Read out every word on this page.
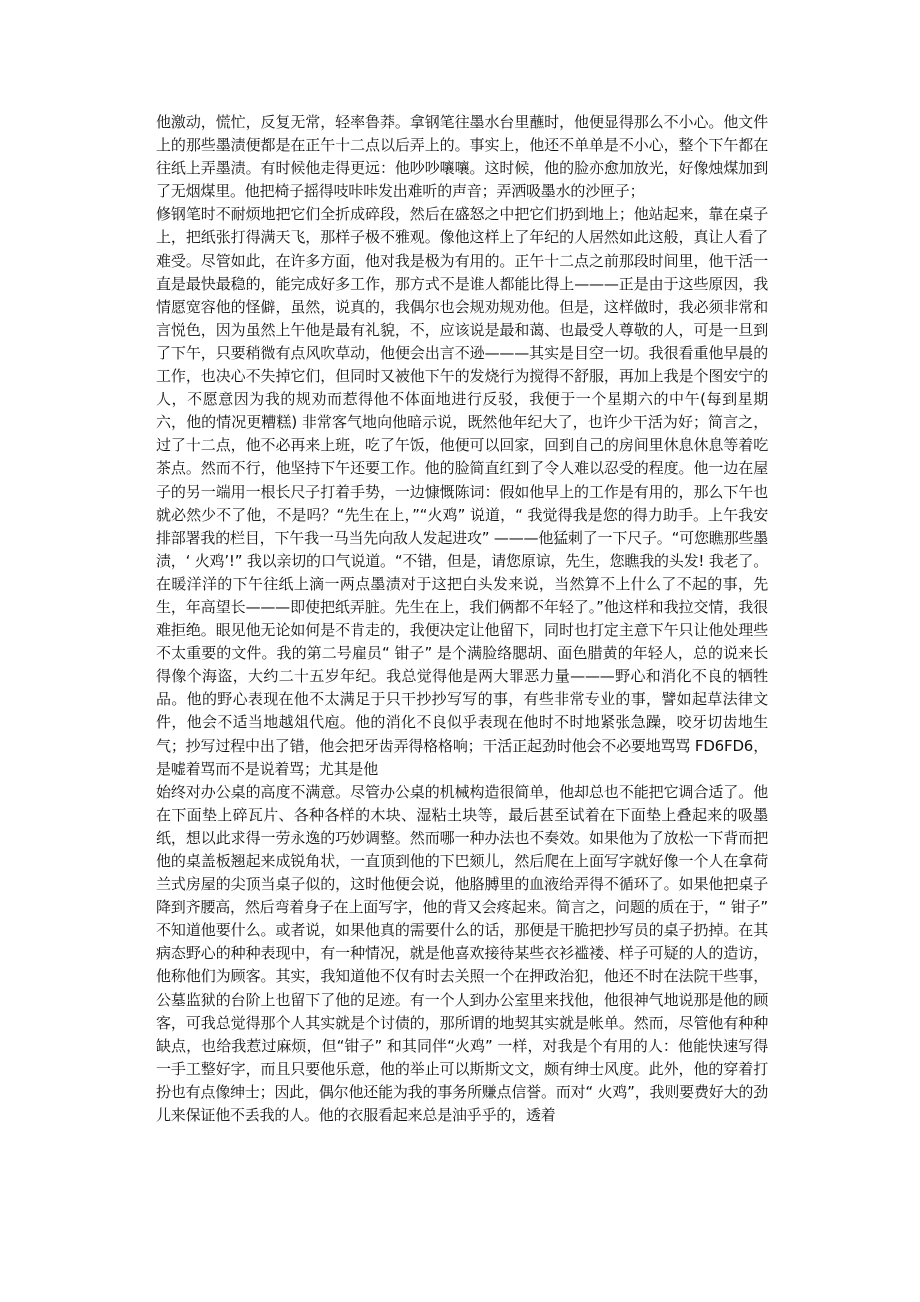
他激动，慌忙，反复无常，轻率鲁莽。拿钢笔往墨水台里蘸时，他便显得那么不小心。他文件上的那些墨渍便都是在正午十二点以后弄上的。事实上，他还不单单是不小心，整个下午都在往纸上弄墨渍。有时候他走得更远：他吵吵嚷嚷。这时候，他的脸亦愈加放光，好像烛煤加到了无烟煤里。他把椅子摇得吱咔咔发出难听的声音；弄洒吸墨水的沙匣子；

修钢笔时不耐烦地把它们全折成碎段，然后在盛怒之中把它们扔到地上；他站起来，靠在桌子上，把纸张打得满天飞，那样子极不雅观。像他这样上了年纪的人居然如此这般，真让人看了难受。尽管如此，在许多方面，他对我是极为有用的。正午十二点之前那段时间里，他干活一直是最快最稳的，能完成好多工作，那方式不是谁人都能比得上———正是由于这些原因，我情愿宽容他的怪僻，虽然，说真的，我偶尔也会规劝规劝他。但是，这样做时，我必须非常和言悦色，因为虽然上午他是最有礼貌，不，应该说是最和蔼、也最受人尊敬的人，可是一旦到了下午，只要稍微有点风吹草动，他便会出言不逊———其实是目空一切。我很看重他早晨的工作，也决心不失掉它们，但同时又被他下午的发烧行为搅得不舒服，再加上我是个图安宁的人，不愿意因为我的规劝而惹得他不体面地进行反驳，我便于一个星期六的中午(每到星期六，他的情况更糟糕) 非常客气地向他暗示说，既然他年纪大了，也许少干活为好；简言之，过了十二点，他不必再来上班，吃了午饭，他便可以回家，回到自己的房间里休息休息等着吃茶点。然而不行，他坚持下午还要工作。他的脸简直红到了令人难以忍受的程度。他一边在屋子的另一端用一根长尺子打着手势，一边慷慨陈词：假如他早上的工作是有用的，那么下午也就必然少不了他，不是吗？“先生在上，”“火鸡” 说道，“ 我觉得我是您的得力助手。上午我安排部署我的栏目，下午我一马当先向敌人发起进攻” ———他猛刺了一下尺子。“可您瞧那些墨渍，‘ 火鸡’!” 我以亲切的口气说道。“不错，但是，请您原谅，先生，您瞧我的头发! 我老了。在暖洋洋的下午往纸上滴一两点墨渍对于这把白头发来说，当然算不上什么了不起的事，先生，年高望长———即使把纸弄脏。先生在上，我们俩都不年轻了。”他这样和我拉交情，我很难拒绝。眼见他无论如何是不肯走的，我便决定让他留下，同时也打定主意下午只让他处理些不太重要的文件。我的第二号雇员“ 钳子” 是个满脸络腮胡、面色腊黄的年轻人，总的说来长得像个海盗，大约二十五岁年纪。我总觉得他是两大罪恶力量———野心和消化不良的牺牲品。他的野心表现在他不太满足于只干抄抄写写的事，有些非常专业的事，譬如起草法律文件，他会不适当地越俎代庖。他的消化不良似乎表现在他时不时地紧张急躁，咬牙切齿地生气；抄写过程中出了错，他会把牙齿弄得格格响；干活正起劲时他会不必要地骂骂 FD6FD6，是嘘着骂而不是说着骂；尤其是他

始终对办公桌的高度不满意。尽管办公桌的机械构造很简单，他却总也不能把它调合适了。他在下面垫上碎瓦片、各种各样的木块、湿粘土块等，最后甚至试着在下面垫上叠起来的吸墨纸，想以此求得一劳永逸的巧妙调整。然而哪一种办法也不奏效。如果他为了放松一下背而把他的桌盖板翘起来成锐角状，一直顶到他的下巴颏儿，然后爬在上面写字就好像一个人在拿荷兰式房屋的尖顶当桌子似的，这时他便会说，他胳膊里的血液给弄得不循环了。如果他把桌子降到齐腰高，然后弯着身子在上面写字，他的背又会疼起来。简言之，问题的质在于，“ 钳子” 不知道他要什么。或者说，如果他真的需要什么的话，那便是干脆把抄写员的桌子扔掉。在其病态野心的种种表现中，有一种情况，就是他喜欢接待某些衣衫褴褛、样子可疑的人的造访，他称他们为顾客。其实，我知道他不仅有时去关照一个在押政治犯，他还不时在法院干些事，公墓监狱的台阶上也留下了他的足迹。有一个人到办公室里来找他，他很神气地说那是他的顾客，可我总觉得那个人其实就是个讨债的，那所谓的地契其实就是帐单。然而，尽管他有种种缺点，也给我惹过麻烦，但“钳子” 和其同伴“火鸡” 一样，对我是个有用的人：他能快速写得一手工整好字，而且只要他乐意，他的举止可以斯斯文文，颇有绅士风度。此外，他的穿着打扮也有点像绅士；因此，偶尔他还能为我的事务所赚点信誉。而对“ 火鸡”，我则要费好大的劲儿来保证他不丢我的人。他的衣服看起来总是油乎乎的，透着
